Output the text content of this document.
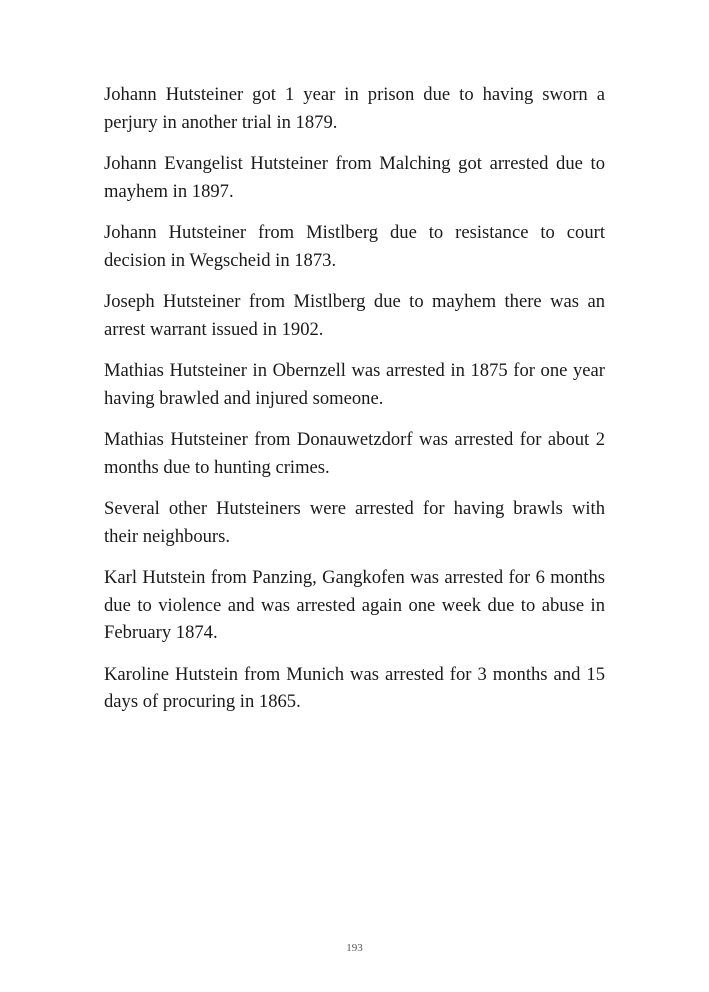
Johann Hutsteiner got 1 year in prison due to having sworn a perjury in another trial in 1879.

Johann Evangelist Hutsteiner from Malching got arrested due to mayhem in 1897.

Johann Hutsteiner from Mistlberg due to resistance to court decision in Wegscheid in 1873.

Joseph Hutsteiner from Mistlberg due to mayhem there was an arrest warrant issued in 1902.

Mathias Hutsteiner in Obernzell was arrested in 1875 for one year having brawled and injured someone.

Mathias Hutsteiner from Donauwetzdorf was arrested for about 2 months due to hunting crimes.

Several other Hutsteiners were arrested for having brawls with their neighbours.

Karl Hutstein from Panzing, Gangkofen was arrested for 6 months due to violence and was arrested again one week due to abuse in February 1874.

Karoline Hutstein from Munich was arrested for 3 months and 15 days of procuring in 1865.

193
